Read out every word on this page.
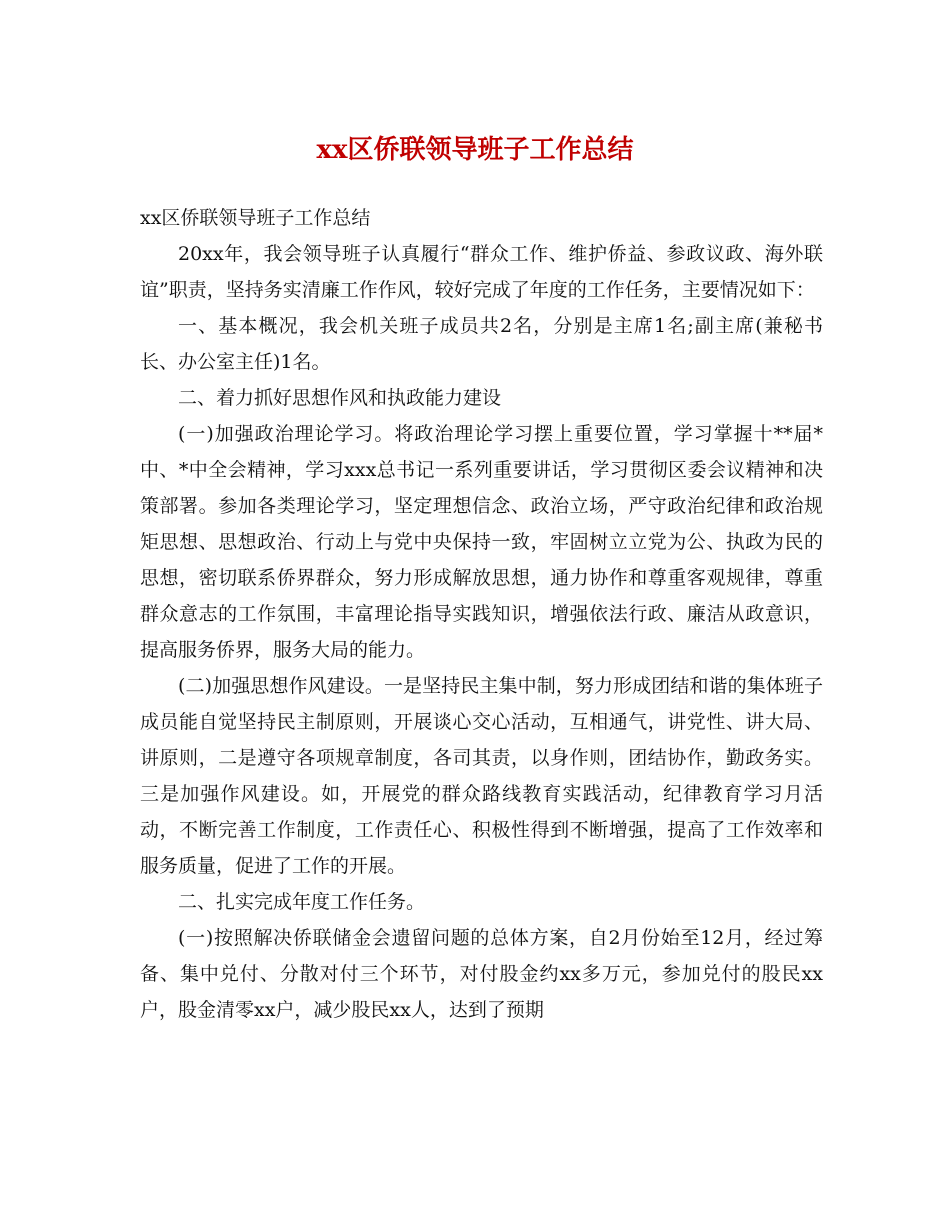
xx区侨联领导班子工作总结

xx区侨联领导班子工作总结

20xx年，我会领导班子认真履行“群众工作、维护侨益、参政议政、海外联谊”职责，坚持务实清廉工作作风，较好完成了年度的工作任务，主要情况如下：

一、基本概况，我会机关班子成员共2名，分别是主席1名;副主席(兼秘书长、办公室主任)1名。

二、着力抓好思想作风和执政能力建设

(一)加强政治理论学习。将政治理论学习摆上重要位置，学习掌握十**届*中、*中全会精神，学习xxx总书记一系列重要讲话，学习贯彻区委会议精神和决策部署。参加各类理论学习，坚定理想信念、政治立场，严守政治纪律和政治规矩思想、思想政治、行动上与党中央保持一致，牢固树立立党为公、执政为民的思想，密切联系侨界群众，努力形成解放思想，通力协作和尊重客观规律，尊重群众意志的工作氛围，丰富理论指导实践知识，增强依法行政、廉洁从政意识，提高服务侨界，服务大局的能力。

(二)加强思想作风建设。一是坚持民主集中制，努力形成团结和谐的集体班子成员能自觉坚持民主制原则，开展谈心交心活动，互相通气，讲党性、讲大局、讲原则，二是遵守各项规章制度，各司其责，以身作则，团结协作，勤政务实。三是加强作风建设。如，开展党的群众路线教育实践活动，纪律教育学习月活动，不断完善工作制度，工作责任心、积极性得到不断增强，提高了工作效率和服务质量，促进了工作的开展。

二、扎实完成年度工作任务。

(一)按照解决侨联储金会遗留问题的总体方案，自2月份始至12月，经过筹备、集中兑付、分散对付三个环节，对付股金约xx多万元，参加兑付的股民xx户，股金清零xx户，减少股民xx人，达到了预期
